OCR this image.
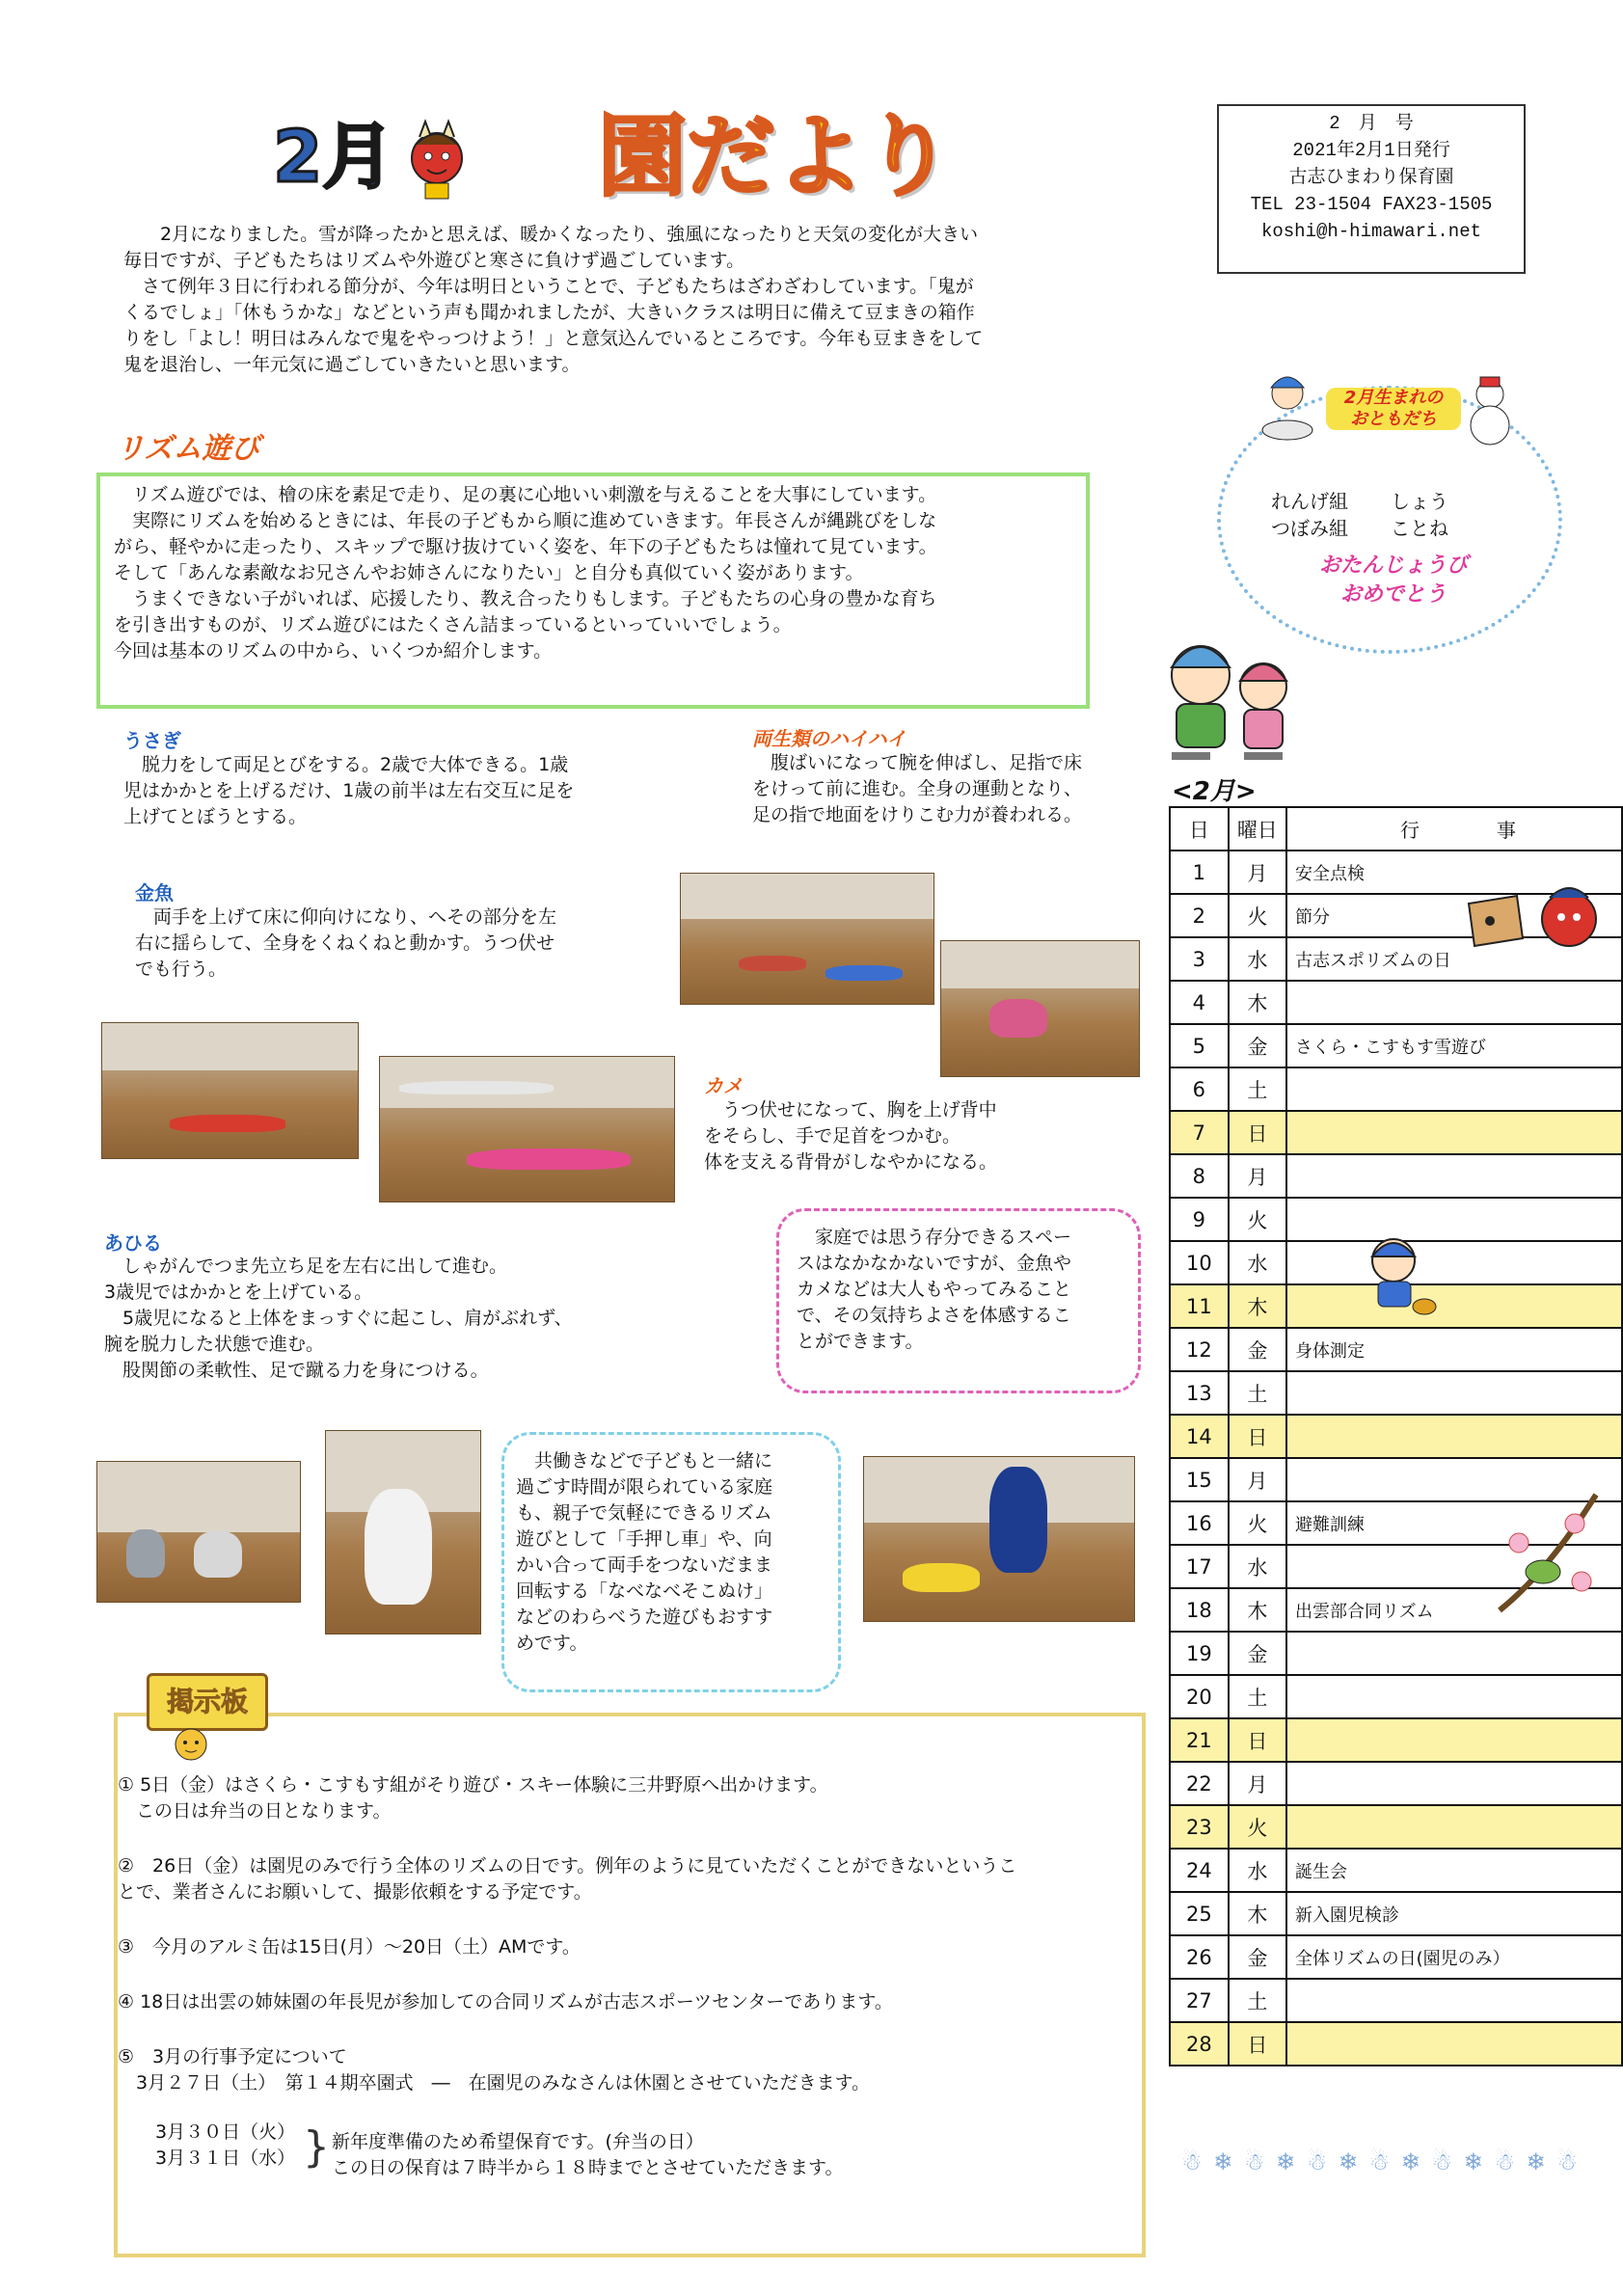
2月 園だより	2　月　号
2021年2月1日発行
古志ひまわり保育園
TEL 23-1504 FAX23-1505
koshi@h-himawari.net

　　2月になりました。雪が降ったかと思えば、暖かくなったり、強風になったりと天気の変化が大きい

毎日ですが、子どもたちはリズムや外遊びと寒さに負けず過ごしています。

　さて例年３日に行われる節分が、今年は明日ということで、子どもたちはざわざわしています。「鬼が

くるでしょ」「休もうかな」などという声も聞かれましたが、大きいクラスは明日に備えて豆まきの箱作

りをし「よし！明日はみんなで鬼をやっつけよう！」と意気込んでいるところです。今年も豆まきをして

鬼を退治し、一年元気に過ごしていきたいと思います。

2月生まれの
おともだち
れんげ組 しょう
つぼみ組 ことね
おたんじょうび
おめでとう
リズム遊び

　リズム遊びでは、檜の床を素足で走り、足の裏に心地いい刺激を与えることを大事にしています。

　実際にリズムを始めるときには、年長の子どもから順に進めていきます。年長さんが縄跳びをしな

がら、軽やかに走ったり、スキップで駆け抜けていく姿を、年下の子どもたちは憧れて見ています。

そして「あんな素敵なお兄さんやお姉さんになりたい」と自分も真似ていく姿があります。

　うまくできない子がいれば、応援したり、教え合ったりもします。子どもたちの心身の豊かな育ち

を引き出すものが、リズム遊びにはたくさん詰まっているといっていいでしょう。

今回は基本のリズムの中から、いくつか紹介します。

うさぎ

　脱力をして両足とびをする。2歳で大体できる。1歳

児はかかとを上げるだけ、1歳の前半は左右交互に足を

上げてとぼうとする。

両生類のハイハイ

　腹ばいになって腕を伸ばし、足指で床

をけって前に進む。全身の運動となり、

足の指で地面をけりこむ力が養われる。

金魚

　両手を上げて床に仰向けになり、へその部分を左

右に揺らして、全身をくねくねと動かす。うつ伏せ

でも行う。

カメ

　うつ伏せになって、胸を上げ背中

をそらし、手で足首をつかむ。

体を支える背骨がしなやかになる。

あひる

　しゃがんでつま先立ち足を左右に出して進む。

3歳児ではかかとを上げている。

　5歳児になると上体をまっすぐに起こし、肩がぶれず、

腕を脱力した状態で進む。

　股関節の柔軟性、足で蹴る力を身につける。

　家庭では思う存分できるスペー

スはなかなかないですが、金魚や

カメなどは大人もやってみること

で、その気持ちよさを体感するこ

とができます。

　共働きなどで子どもと一緒に

過ごす時間が限られている家庭

も、親子で気軽にできるリズム

遊びとして「手押し車」や、向

かい合って両手をつないだまま

回転する「なべなべそこぬけ」

などのわらべうた遊びもおすす

めです。

掲示板

① 5日（金）はさくら・こすもす組がそり遊び・スキー体験に三井野原へ出かけます。

　この日は弁当の日となります。

②　26日（金）は園児のみで行う全体のリズムの日です。例年のように見ていただくことができないというこ

とで、業者さんにお願いして、撮影依頼をする予定です。

③　今月のアルミ缶は15日(月）～20日（土）AMです。

④ 18日は出雲の姉妹園の年長児が参加しての合同リズムが古志スポーツセンターであります。

⑤　3月の行事予定について

　3月２７日（土）　第１４期卒園式　―　在園児のみなさんは休園とさせていただきます。

　3月３０日（火）

　3月３１日（水） } 新年度準備のため希望保育です。(弁当の日）

この日の保育は７時半から１８時までとさせていただきます。

<2月>
日	曜日	行　　　　事
1	月	安全点検
2	火	節分
3	水	古志スポリズムの日
4	木	
5	金	さくら・こすもす雪遊び
6	土	
7	日	
8	月	
9	火	
10	水	
11	木	
12	金	身体測定
13	土	
14	日	
15	月	
16	火	避難訓練
17	水	
18	木	出雲部合同リズム
19	金	
20	土	
21	日	
22	月	
23	火	
24	水	誕生会
25	木	新入園児検診
26	金	全体リズムの日(園児のみ）
27	土	
28	日	
☃ ❄ ☃ ❄ ☃ ❄ ☃ ❄ ☃ ❄ ☃ ❄ ☃
